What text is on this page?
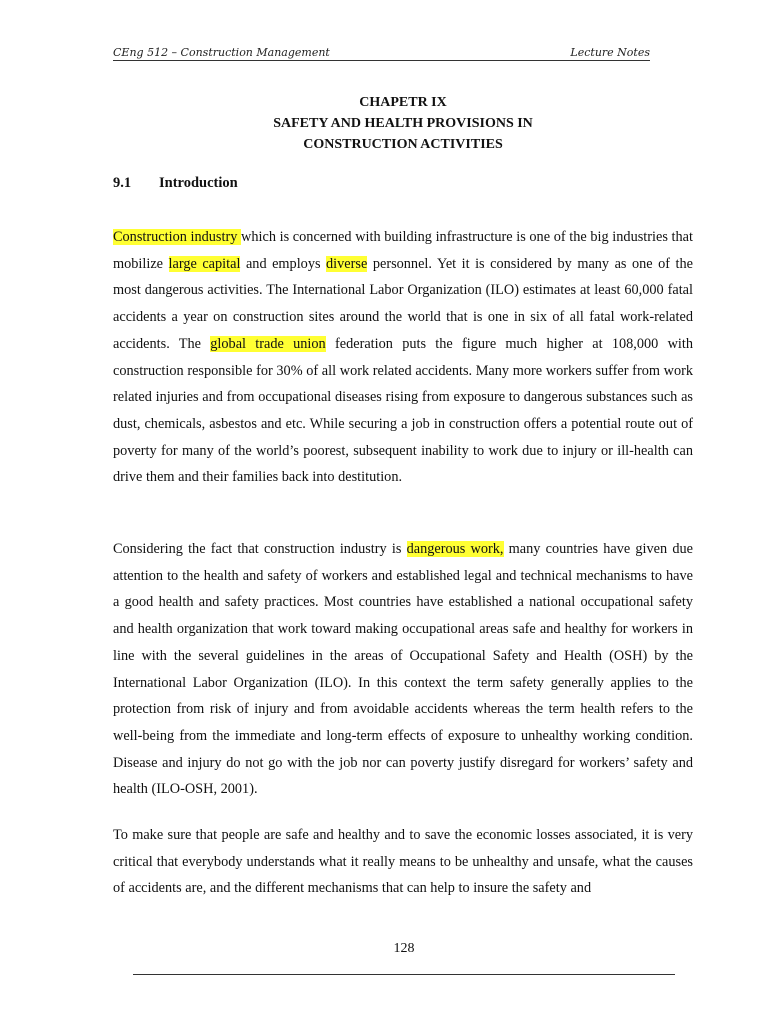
CEng 512 – Construction Management	Lecture Notes
CHAPETR IX
SAFETY AND HEALTH PROVISIONS IN
CONSTRUCTION ACTIVITIES
9.1 Introduction

Construction industry which is concerned with building infrastructure is one of the big industries that mobilize large capital and employs diverse personnel. Yet it is considered by many as one of the most dangerous activities. The International Labor Organization (ILO) estimates at least 60,000 fatal accidents a year on construction sites around the world that is one in six of all fatal work-related accidents. The global trade union federation puts the figure much higher at 108,000 with construction responsible for 30% of all work related accidents. Many more workers suffer from work related injuries and from occupational diseases rising from exposure to dangerous substances such as dust, chemicals, asbestos and etc. While securing a job in construction offers a potential route out of poverty for many of the world’s poorest, subsequent inability to work due to injury or ill-health can drive them and their families back into destitution.

Considering the fact that construction industry is dangerous work, many countries have given due attention to the health and safety of workers and established legal and technical mechanisms to have a good health and safety practices. Most countries have established a national occupational safety and health organization that work toward making occupational areas safe and healthy for workers in line with the several guidelines in the areas of Occupational Safety and Health (OSH) by the International Labor Organization (ILO). In this context the term safety generally applies to the protection from risk of injury and from avoidable accidents whereas the term health refers to the well-being from the immediate and long-term effects of exposure to unhealthy working condition. Disease and injury do not go with the job nor can poverty justify disregard for workers’ safety and health (ILO-OSH, 2001).

To make sure that people are safe and healthy and to save the economic losses associated, it is very critical that everybody understands what it really means to be unhealthy and unsafe, what the causes of accidents are, and the different mechanisms that can help to insure the safety and

128
